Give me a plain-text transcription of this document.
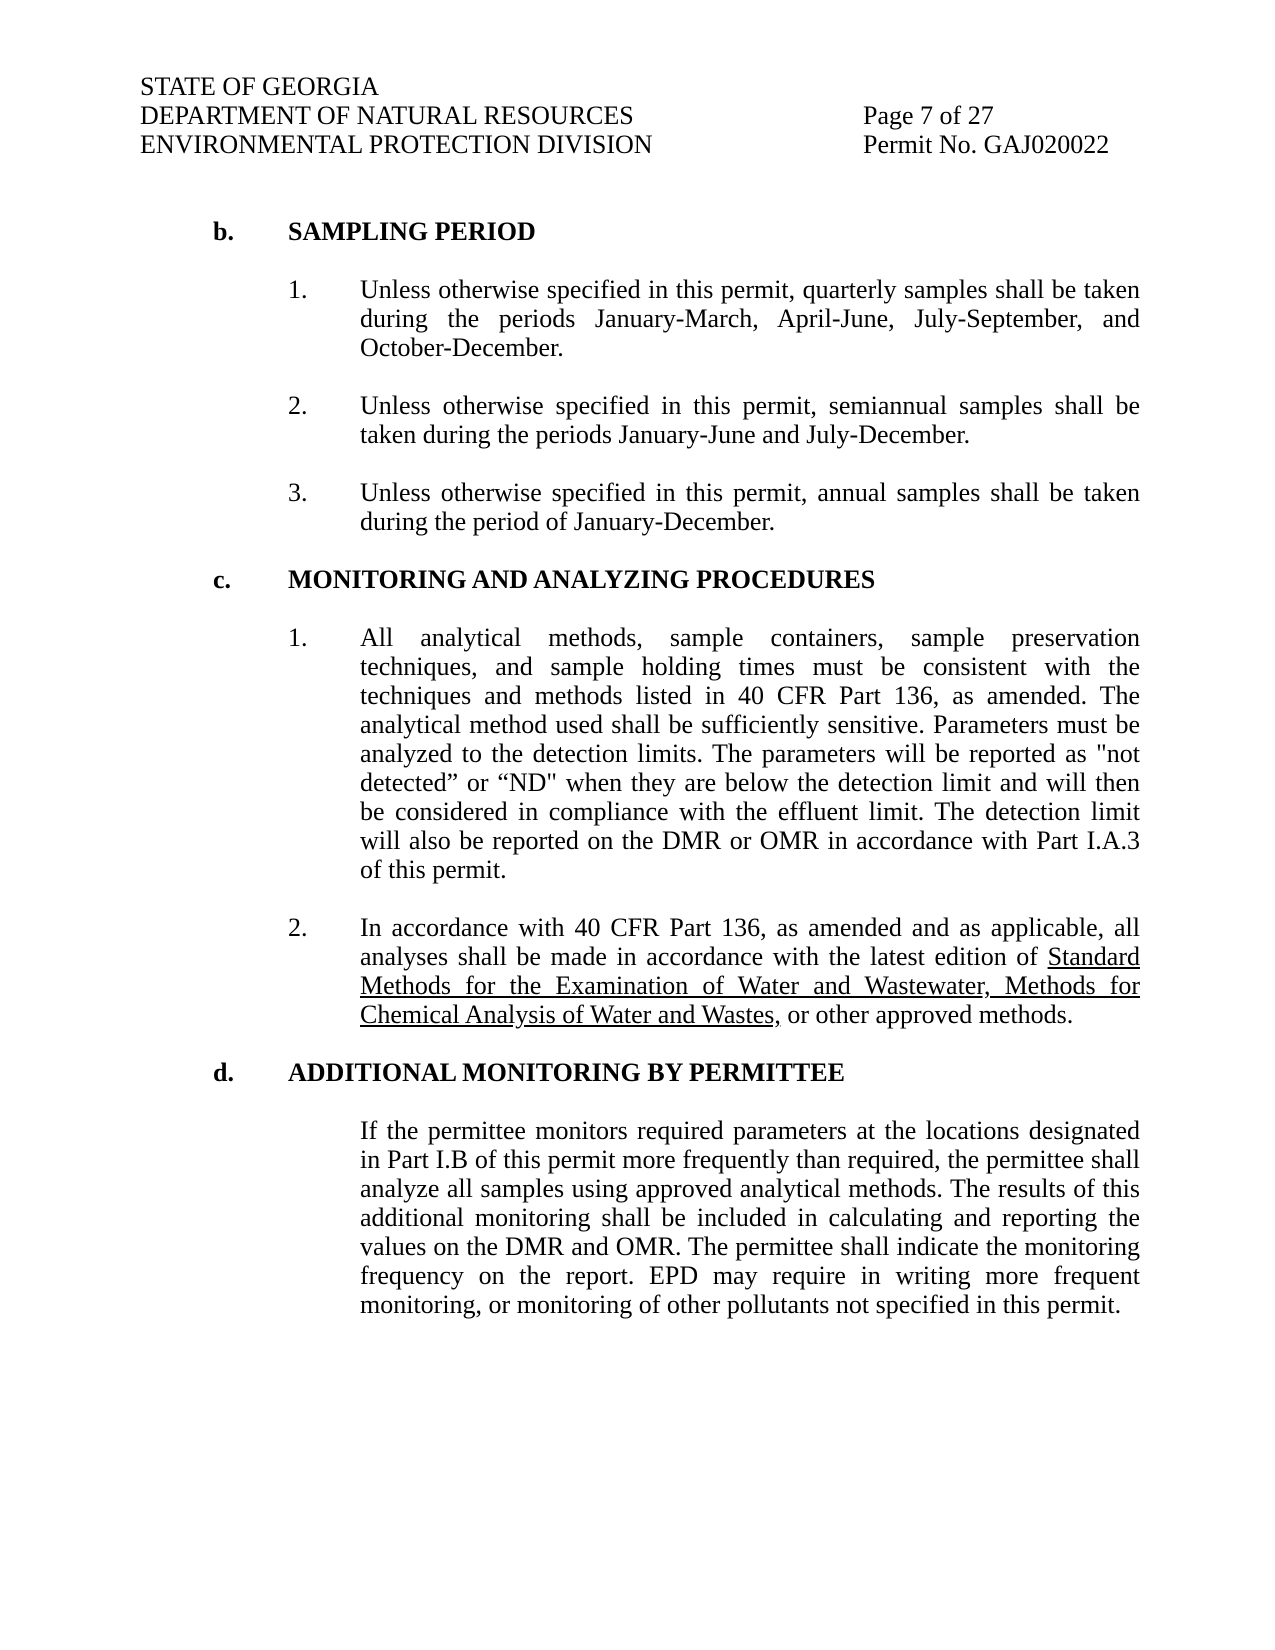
STATE OF GEORGIA
DEPARTMENT OF NATURAL RESOURCES
ENVIRONMENTAL PROTECTION DIVISION
Page 7 of 27
Permit No. GAJ020022
b. SAMPLING PERIOD
1. Unless otherwise specified in this permit, quarterly samples shall be taken during the periods January-March, April-June, July-September, and October-December.

2. Unless otherwise specified in this permit, semiannual samples shall be taken during the periods January-June and July-December.

3. Unless otherwise specified in this permit, annual samples shall be taken during the period of January-December.

c. MONITORING AND ANALYZING PROCEDURES
1. All analytical methods, sample containers, sample preservation techniques, and sample holding times must be consistent with the techniques and methods listed in 40 CFR Part 136, as amended. The analytical method used shall be sufficiently sensitive. Parameters must be analyzed to the detection limits. The parameters will be reported as "not detected” or “ND" when they are below the detection limit and will then be considered in compliance with the effluent limit. The detection limit will also be reported on the DMR or OMR in accordance with Part I.A.3 of this permit.

2. In accordance with 40 CFR Part 136, as amended and as applicable, all analyses shall be made in accordance with the latest edition of Standard Methods for the Examination of Water and Wastewater, Methods for Chemical Analysis of Water and Wastes, or other approved methods.

d. ADDITIONAL MONITORING BY PERMITTEE

If the permittee monitors required parameters at the locations designated in Part I.B of this permit more frequently than required, the permittee shall analyze all samples using approved analytical methods. The results of this additional monitoring shall be included in calculating and reporting the values on the DMR and OMR. The permittee shall indicate the monitoring frequency on the report. EPD may require in writing more frequent monitoring, or monitoring of other pollutants not specified in this permit.
